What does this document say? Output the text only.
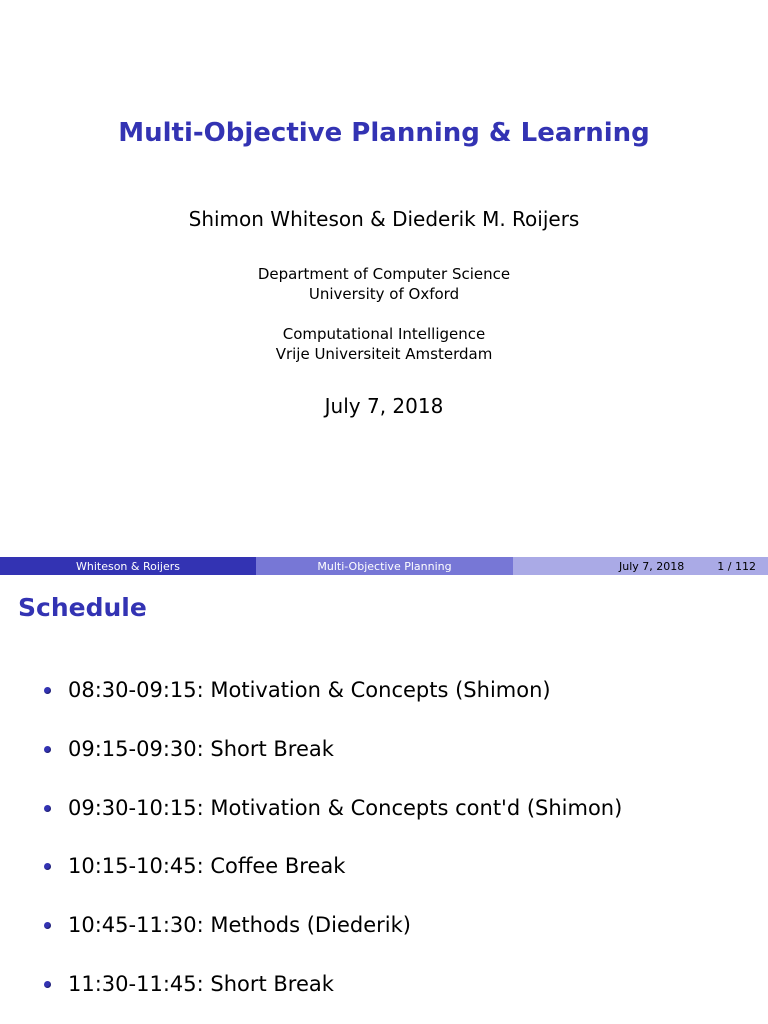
Multi-Objective Planning & Learning
Shimon Whiteson & Diederik M. Roijers
Department of Computer Science
University of Oxford
Computational Intelligence
Vrije Universiteit Amsterdam
July 7, 2018
Whiteson & Roijers	Multi-Objective Planning	July 7, 2018	1 / 112
Schedule
08:30-09:15: Motivation & Concepts (Shimon)
09:15-09:30: Short Break
09:30-10:15: Motivation & Concepts cont'd (Shimon)
10:15-10:45: Coffee Break
10:45-11:30: Methods (Diederik)
11:30-11:45: Short Break
